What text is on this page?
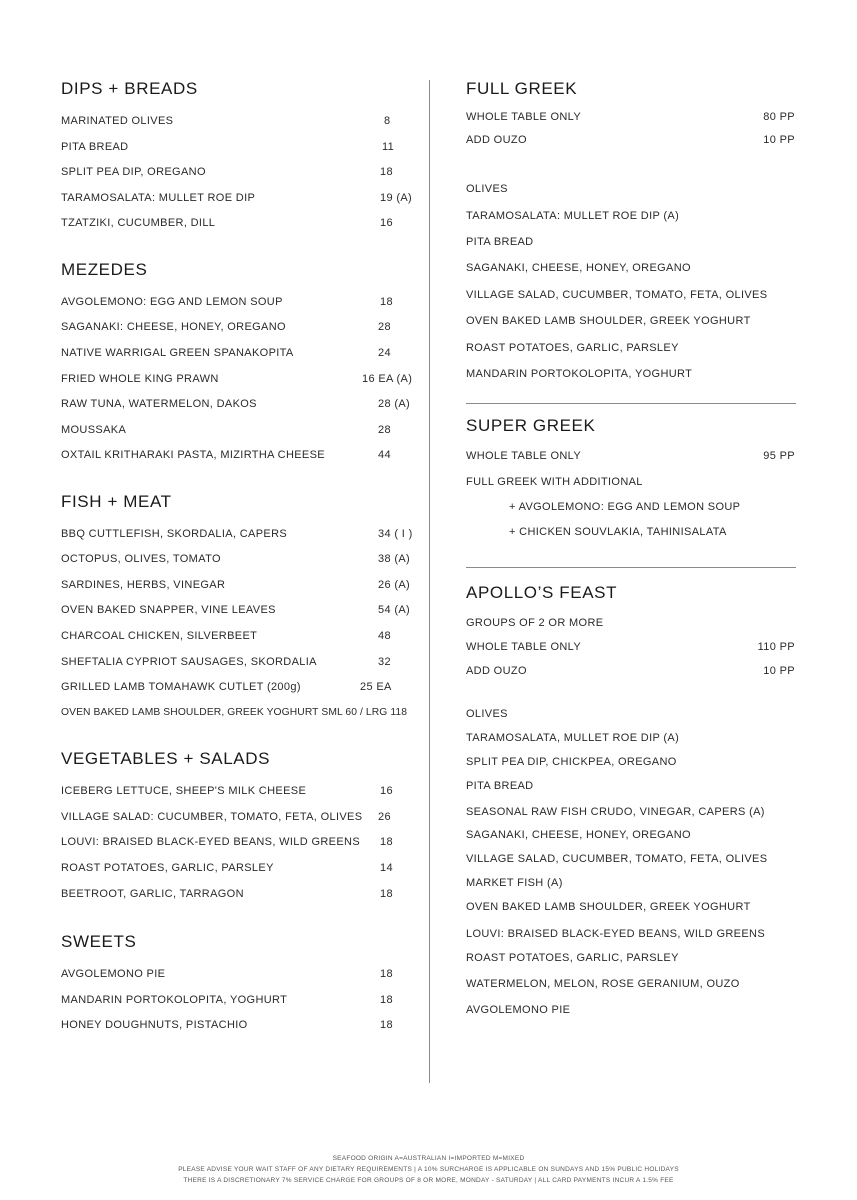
DIPS + BREADS
MARINATED OLIVES	8
PITA BREAD	11
SPLIT PEA DIP, OREGANO	18
TARAMOSALATA: MULLET ROE DIP	19 (A)
TZATZIKI, CUCUMBER, DILL	16
MEZEDES
AVGOLEMONO: EGG AND LEMON SOUP	18
SAGANAKI: CHEESE, HONEY, OREGANO	28
NATIVE WARRIGAL GREEN SPANAKOPITA	24
FRIED WHOLE KING PRAWN	16 EA (A)
RAW TUNA, WATERMELON, DAKOS	28 (A)
MOUSSAKA	28
OXTAIL KRITHARAKI PASTA, MIZIRTHA CHEESE	44
FISH + MEAT
BBQ CUTTLEFISH, SKORDALIA, CAPERS	34 ( I )
OCTOPUS, OLIVES, TOMATO	38 (A)
SARDINES, HERBS, VINEGAR	26 (A)
OVEN BAKED SNAPPER, VINE LEAVES	54 (A)
CHARCOAL CHICKEN, SILVERBEET	48
SHEFTALIA CYPRIOT SAUSAGES, SKORDALIA	32
GRILLED LAMB TOMAHAWK CUTLET (200g)	25 EA
OVEN BAKED LAMB SHOULDER, GREEK YOGHURT SML 60 / LRG 118
VEGETABLES + SALADS
ICEBERG LETTUCE, SHEEP'S MILK CHEESE	16
VILLAGE SALAD: CUCUMBER, TOMATO, FETA, OLIVES 26
LOUVI: BRAISED BLACK-EYED BEANS, WILD GREENS 18
ROAST POTATOES, GARLIC, PARSLEY	14
BEETROOT, GARLIC, TARRAGON	18
SWEETS
AVGOLEMONO PIE	18
MANDARIN PORTOKOLOPITA, YOGHURT	18
HONEY DOUGHNUTS, PISTACHIO	18
FULL GREEK
WHOLE TABLE ONLY	80 PP
ADD OUZO	10 PP
OLIVES
TARAMOSALATA: MULLET ROE DIP (A)
PITA BREAD
SAGANAKI, CHEESE, HONEY, OREGANO
VILLAGE SALAD, CUCUMBER, TOMATO, FETA, OLIVES
OVEN BAKED LAMB SHOULDER, GREEK YOGHURT
ROAST POTATOES, GARLIC, PARSLEY
MANDARIN PORTOKOLOPITA, YOGHURT
SUPER GREEK
WHOLE TABLE ONLY	95 PP
FULL GREEK WITH ADDITIONAL
+ AVGOLEMONO: EGG AND LEMON SOUP
+ CHICKEN SOUVLAKIA, TAHINISALATA
APOLLO’S FEAST
GROUPS OF 2 OR MORE
WHOLE TABLE ONLY	110 PP
ADD OUZO	10 PP
OLIVES
TARAMOSALATA, MULLET ROE DIP (A)
SPLIT PEA DIP, CHICKPEA, OREGANO
PITA BREAD
SEASONAL RAW FISH CRUDO, VINEGAR, CAPERS (A)
SAGANAKI, CHEESE, HONEY, OREGANO
VILLAGE SALAD, CUCUMBER, TOMATO, FETA, OLIVES
MARKET FISH (A)
OVEN BAKED LAMB SHOULDER, GREEK YOGHURT
LOUVI: BRAISED BLACK-EYED BEANS, WILD GREENS
ROAST POTATOES, GARLIC, PARSLEY
WATERMELON, MELON, ROSE GERANIUM, OUZO
AVGOLEMONO PIE
SEAFOOD ORIGIN A=AUSTRALIAN I=IMPORTED M=MIXED
PLEASE ADVISE YOUR WAIT STAFF OF ANY DIETARY REQUIREMENTS | A 10% SURCHARGE IS APPLICABLE ON SUNDAYS AND 15% PUBLIC HOLIDAYS
THERE IS A DISCRETIONARY 7% SERVICE CHARGE FOR GROUPS OF 8 OR MORE, MONDAY - SATURDAY | ALL CARD PAYMENTS INCUR A 1.5% FEE
